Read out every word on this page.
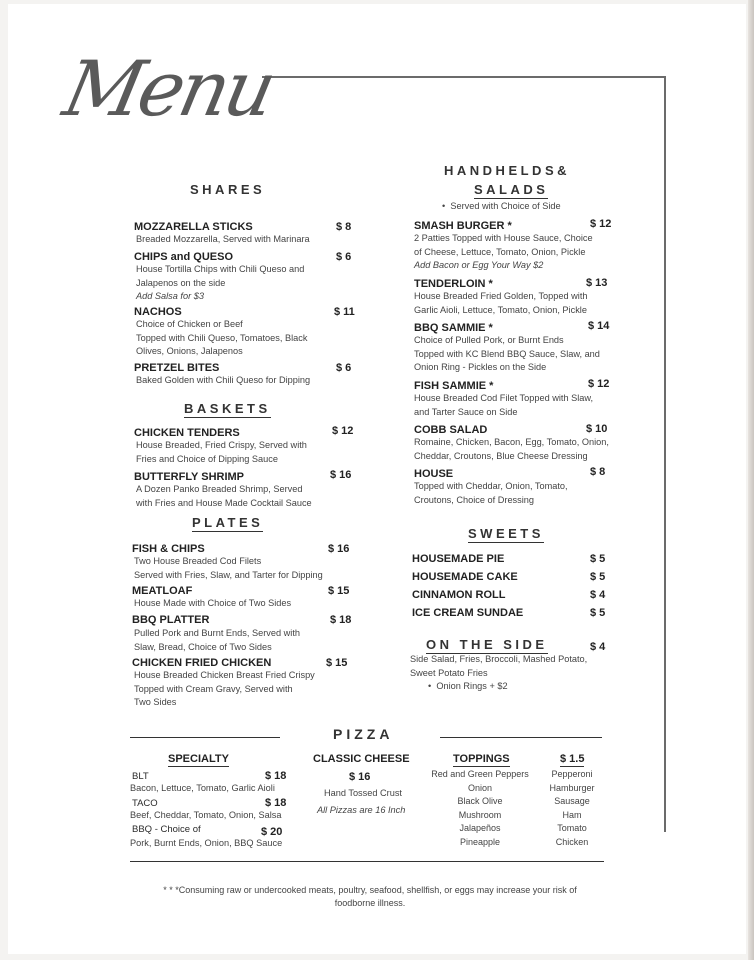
Menu
SHARES
MOZZARELLA STICKS	$ 8
Breaded Mozzarella, Served with Marinara
CHIPS and QUESO	$ 6
House Tortilla Chips with Chili Queso and
Jalapenos on the side
Add Salsa for $3
NACHOS	$ 11
Choice of Chicken or Beef
Topped with Chili Queso, Tomatoes, Black
Olives, Onions, Jalapenos
PRETZEL BITES	$ 6
Baked Golden with Chili Queso for Dipping
BASKETS
CHICKEN TENDERS	$ 12
House Breaded, Fried Crispy, Served with
Fries and Choice of Dipping Sauce
BUTTERFLY SHRIMP	$ 16
A Dozen Panko Breaded Shrimp, Served
with Fries and House Made Cocktail Sauce
PLATES
FISH & CHIPS	$ 16
Two House Breaded Cod Filets
Served with Fries, Slaw, and Tarter for Dipping
MEATLOAF	$ 15
House Made with Choice of Two Sides
BBQ PLATTER	$ 18
Pulled Pork and Burnt Ends, Served with
Slaw, Bread, Choice of Two Sides
CHICKEN FRIED CHICKEN	$ 15
House Breaded Chicken Breast Fried Crispy
Topped with Cream Gravy, Served with
Two Sides
HANDHELDS&
SALADS
•  Served with Choice of Side
SMASH BURGER *	$ 12
2 Patties Topped with House Sauce, Choice
of Cheese, Lettuce, Tomato, Onion, Pickle
Add Bacon or Egg Your Way $2
TENDERLOIN *	$ 13
House Breaded Fried Golden, Topped with
Garlic Aioli, Lettuce, Tomato, Onion, Pickle
BBQ SAMMIE *	$ 14
Choice of Pulled Pork, or Burnt Ends
Topped with KC Blend BBQ Sauce, Slaw, and
Onion Ring - Pickles on the Side
FISH SAMMIE *	$ 12
House Breaded Cod Filet Topped with Slaw,
and Tarter Sauce on Side
COBB SALAD	$ 10
Romaine, Chicken, Bacon, Egg, Tomato, Onion,
Cheddar, Croutons, Blue Cheese Dressing
HOUSE	$ 8
Topped with Cheddar, Onion, Tomato,
Croutons, Choice of Dressing
SWEETS
HOUSEMADE PIE	$ 5
HOUSEMADE CAKE	$ 5
CINNAMON ROLL	$ 4
ICE CREAM SUNDAE	$ 5
ON THE SIDE	$ 4
Side Salad, Fries, Broccoli, Mashed Potato,
Sweet Potato Fries
•  Onion Rings + $2
PIZZA
SPECIALTY
BLT	$ 18
Bacon, Lettuce, Tomato, Garlic Aioli
TACO	$ 18
Beef, Cheddar, Tomato, Onion, Salsa
BBQ - Choice of	$ 20
Pork, Burnt Ends, Onion, BBQ Sauce
CLASSIC CHEESE
$ 16
Hand Tossed Crust
All Pizzas are 16 Inch
TOPPINGS
Red and Green Peppers
Onion
Black Olive
Mushroom
Jalapeños
Pineapple
$ 1.5
Pepperoni
Hamburger
Sausage
Ham
Tomato
Chicken
* * *Consuming raw or undercooked meats, poultry, seafood, shellfish, or eggs may increase your risk of
foodborne illness.
